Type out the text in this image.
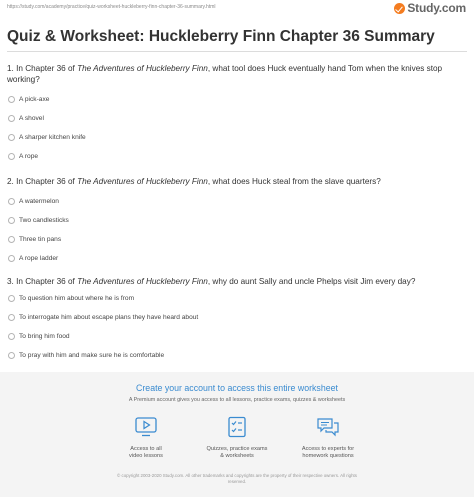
https://study.com/academy/practice/quiz-worksheet-huckleberry-finn-chapter-36-summary.html	Study.com
Quiz & Worksheet: Huckleberry Finn Chapter 36 Summary
1. In Chapter 36 of The Adventures of Huckleberry Finn, what tool does Huck eventually hand Tom when the knives stop working?
A pick-axe
A shovel
A sharper kitchen knife
A rope
2. In Chapter 36 of The Adventures of Huckleberry Finn, what does Huck steal from the slave quarters?
A watermelon
Two candlesticks
Three tin pans
A rope ladder
3. In Chapter 36 of The Adventures of Huckleberry Finn, why do aunt Sally and uncle Phelps visit Jim every day?
To question him about where he is from
To interrogate him about escape plans they have heard about
To bring him food
To pray with him and make sure he is comfortable
Create your account to access this entire worksheet
A Premium account gives you access to all lessons, practice exams, quizzes & worksheets
Access to all
video lessons
Quizzes, practice exams
& worksheets
Access to experts for
homework questions
© copyright 2003-2020 Study.com. All other trademarks and copyrights are the property of their respective owners. All rights
reserved.
